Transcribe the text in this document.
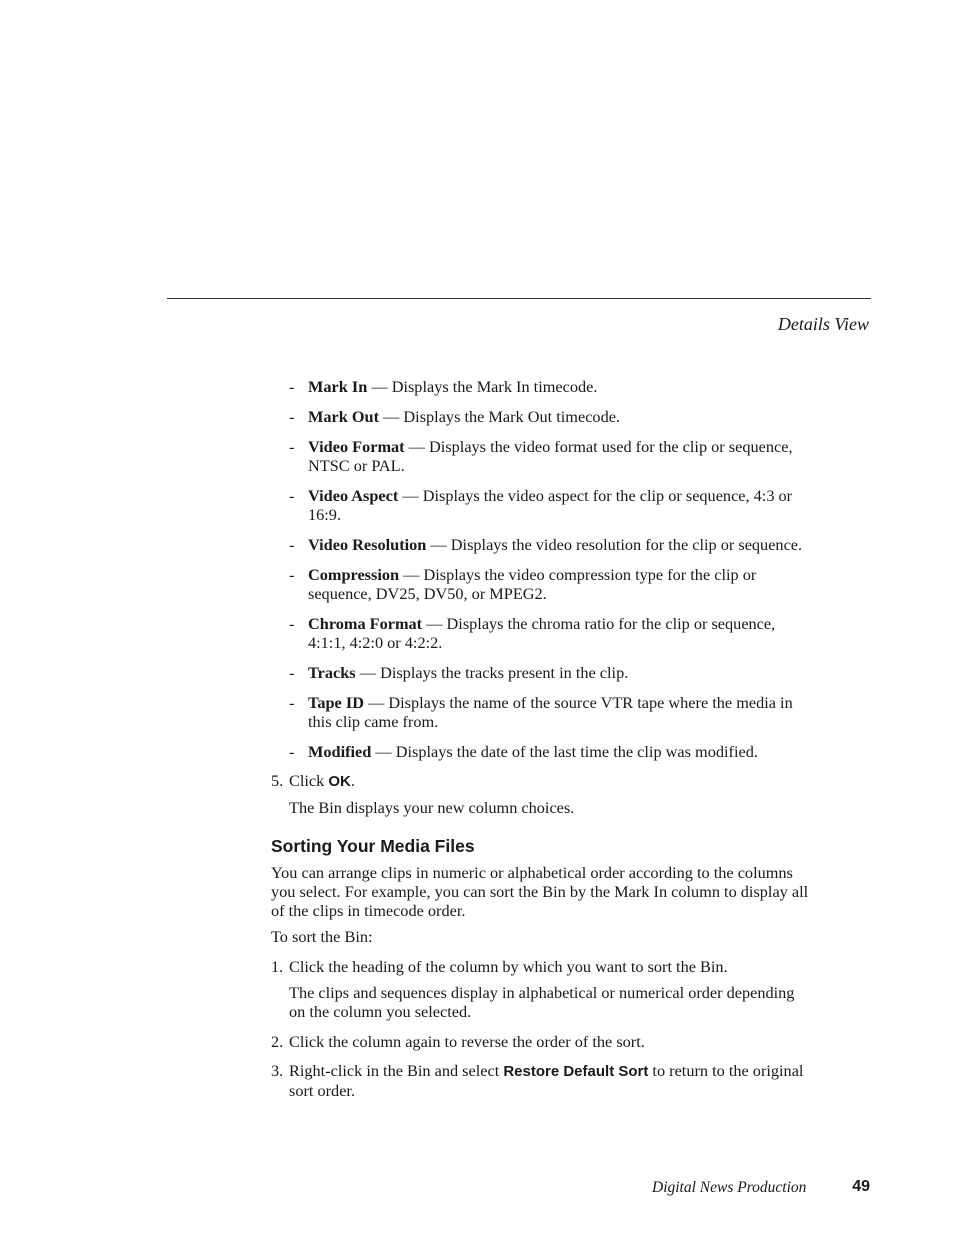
Details View
- Mark In — Displays the Mark In timecode.
- Mark Out — Displays the Mark Out timecode.
- Video Format — Displays the video format used for the clip or sequence, NTSC or PAL.
- Video Aspect — Displays the video aspect for the clip or sequence, 4:3 or 16:9.
- Video Resolution — Displays the video resolution for the clip or sequence.
- Compression — Displays the video compression type for the clip or sequence, DV25, DV50, or MPEG2.
- Chroma Format — Displays the chroma ratio for the clip or sequence, 4:1:1, 4:2:0 or 4:2:2.
- Tracks — Displays the tracks present in the clip.
- Tape ID — Displays the name of the source VTR tape where the media in this clip came from.
- Modified — Displays the date of the last time the clip was modified.
5. Click OK.

The Bin displays your new column choices.

Sorting Your Media Files

You can arrange clips in numeric or alphabetical order according to the columns you select. For example, you can sort the Bin by the Mark In column to display all of the clips in timecode order.

To sort the Bin:

1. Click the heading of the column by which you want to sort the Bin.

The clips and sequences display in alphabetical or numerical order depending on the column you selected.

2. Click the column again to reverse the order of the sort.
3. Right-click in the Bin and select Restore Default Sort to return to the original sort order.
Digital News Production	49
